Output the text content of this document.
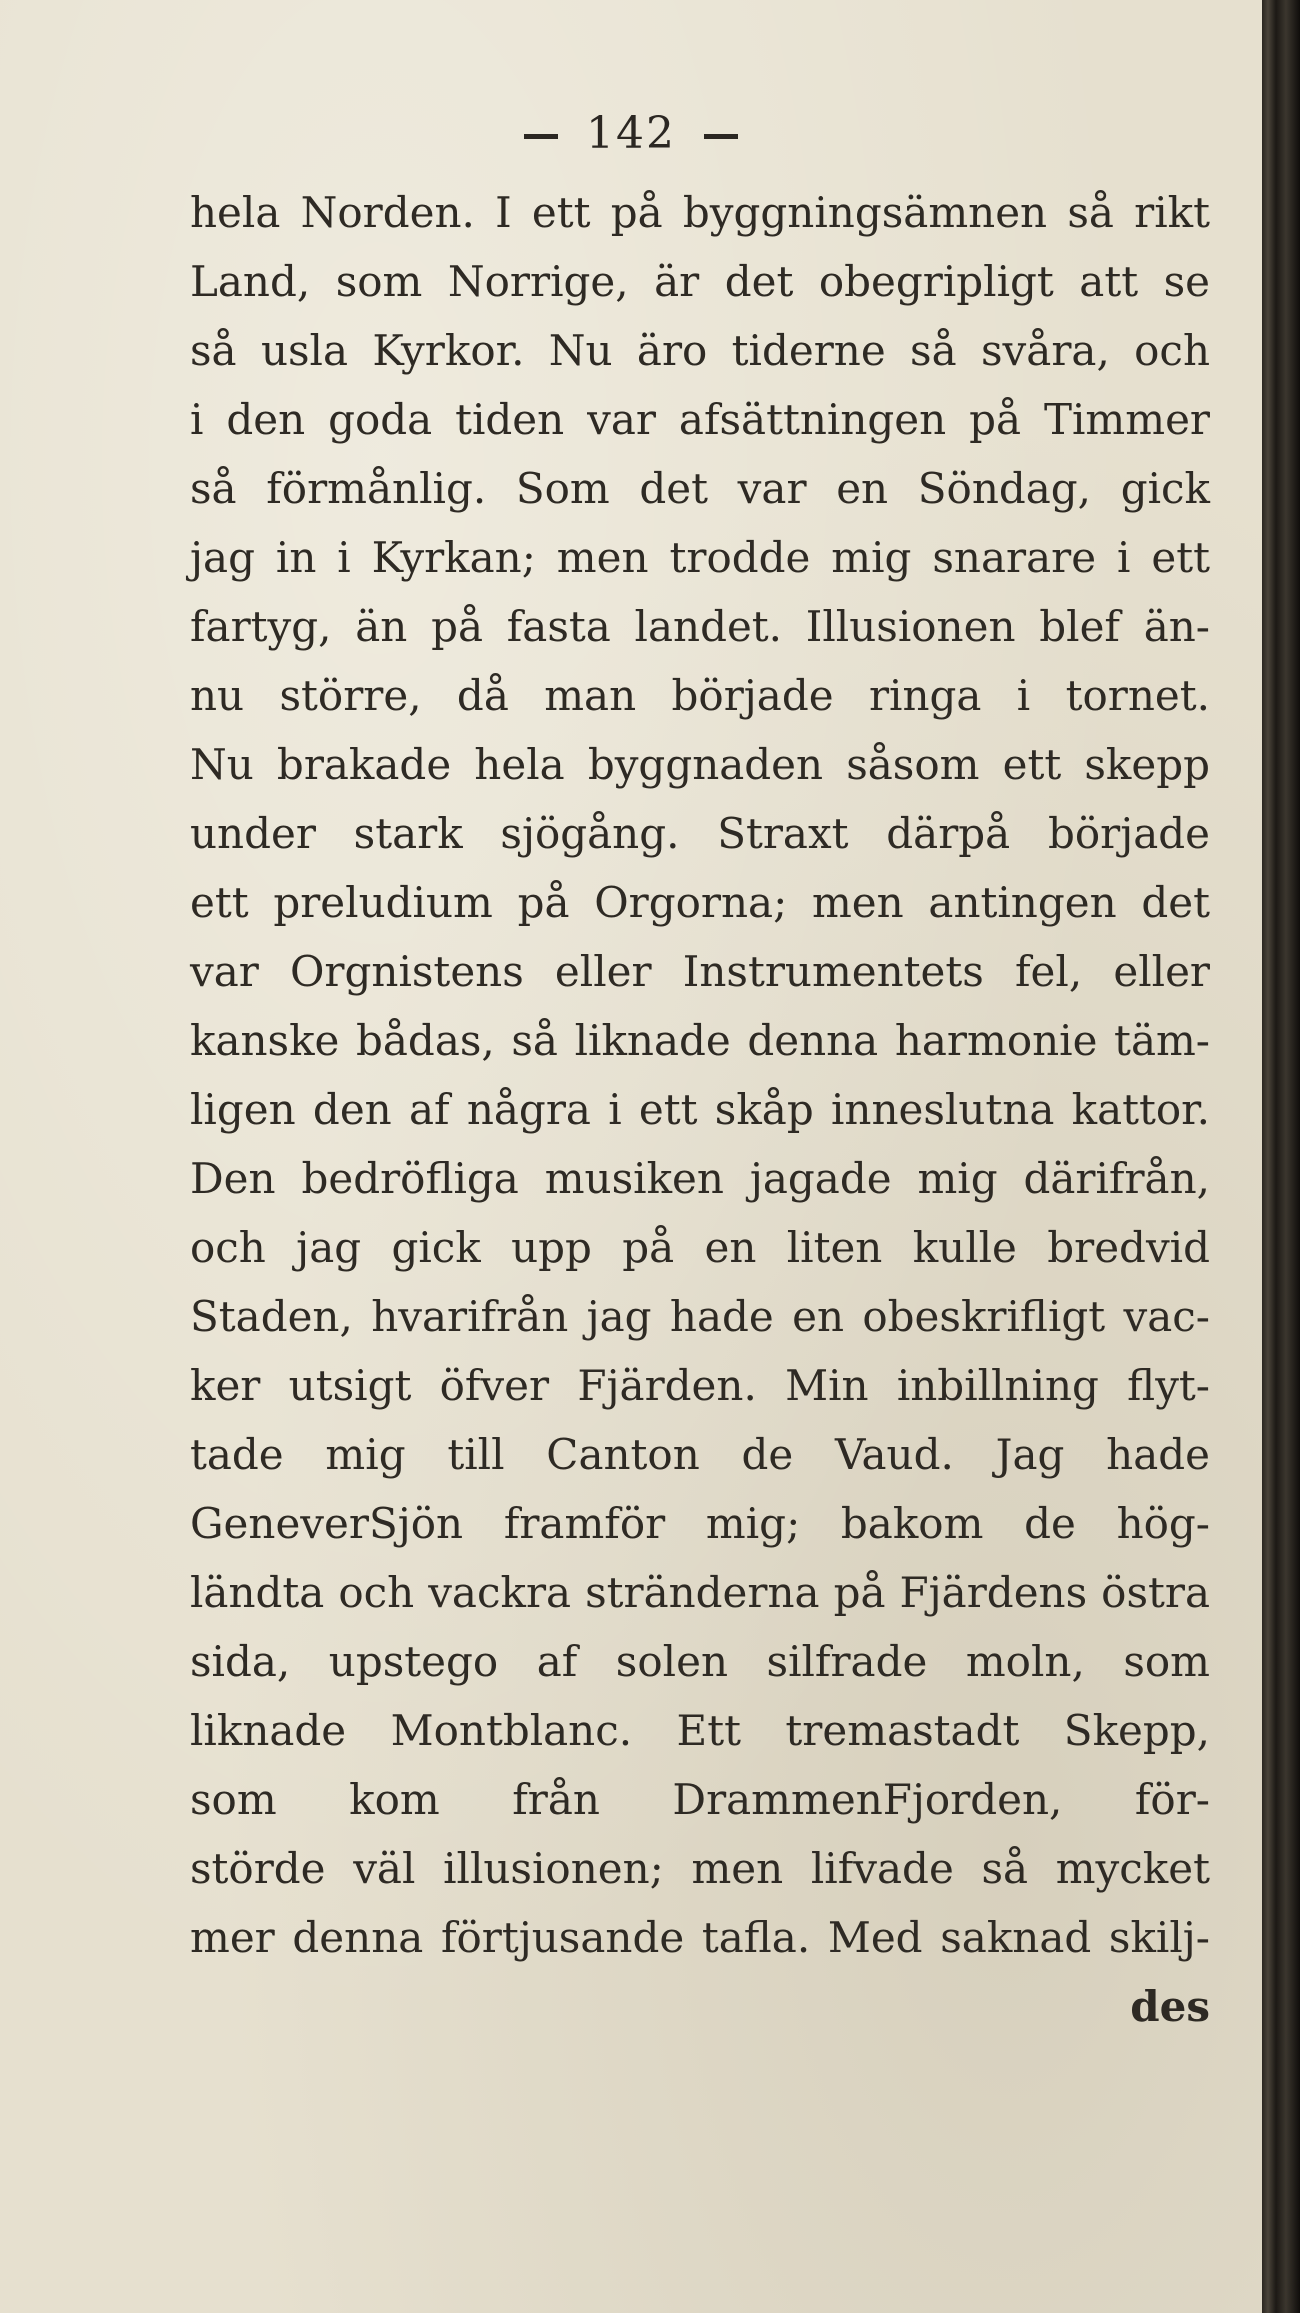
142
hela Norden. I ett på byggningsämnen så rikt
Land, som Norrige, är det obegripligt att se
så usla Kyrkor. Nu äro tiderne så svåra, och
i den goda tiden var afsättningen på Timmer
så förmånlig. Som det var en Söndag, gick
jag in i Kyrkan; men trodde mig snarare i ett
fartyg, än på fasta landet. Illusionen blef än-
nu större, då man började ringa i tornet.
Nu brakade hela byggnaden såsom ett skepp
under stark sjögång. Straxt därpå började
ett preludium på Orgorna; men antingen det
var Orgnistens eller Instrumentets fel, eller
kanske bådas, så liknade denna harmonie täm-
ligen den af några i ett skåp inneslutna kattor.
Den bedröfliga musiken jagade mig därifrån,
och jag gick upp på en liten kulle bredvid
Staden, hvarifrån jag hade en obeskrifligt vac-
ker utsigt öfver Fjärden. Min inbillning flyt-
tade mig till Canton de Vaud. Jag hade
GeneverSjön framför mig; bakom de hög-
ländta och vackra stränderna på Fjärdens östra
sida, upstego af solen silfrade moln, som
liknade Montblanc. Ett tremastadt Skepp,
som kom från DrammenFjorden, för-
störde väl illusionen; men lifvade så mycket
mer denna förtjusande tafla. Med saknad skilj-
des
